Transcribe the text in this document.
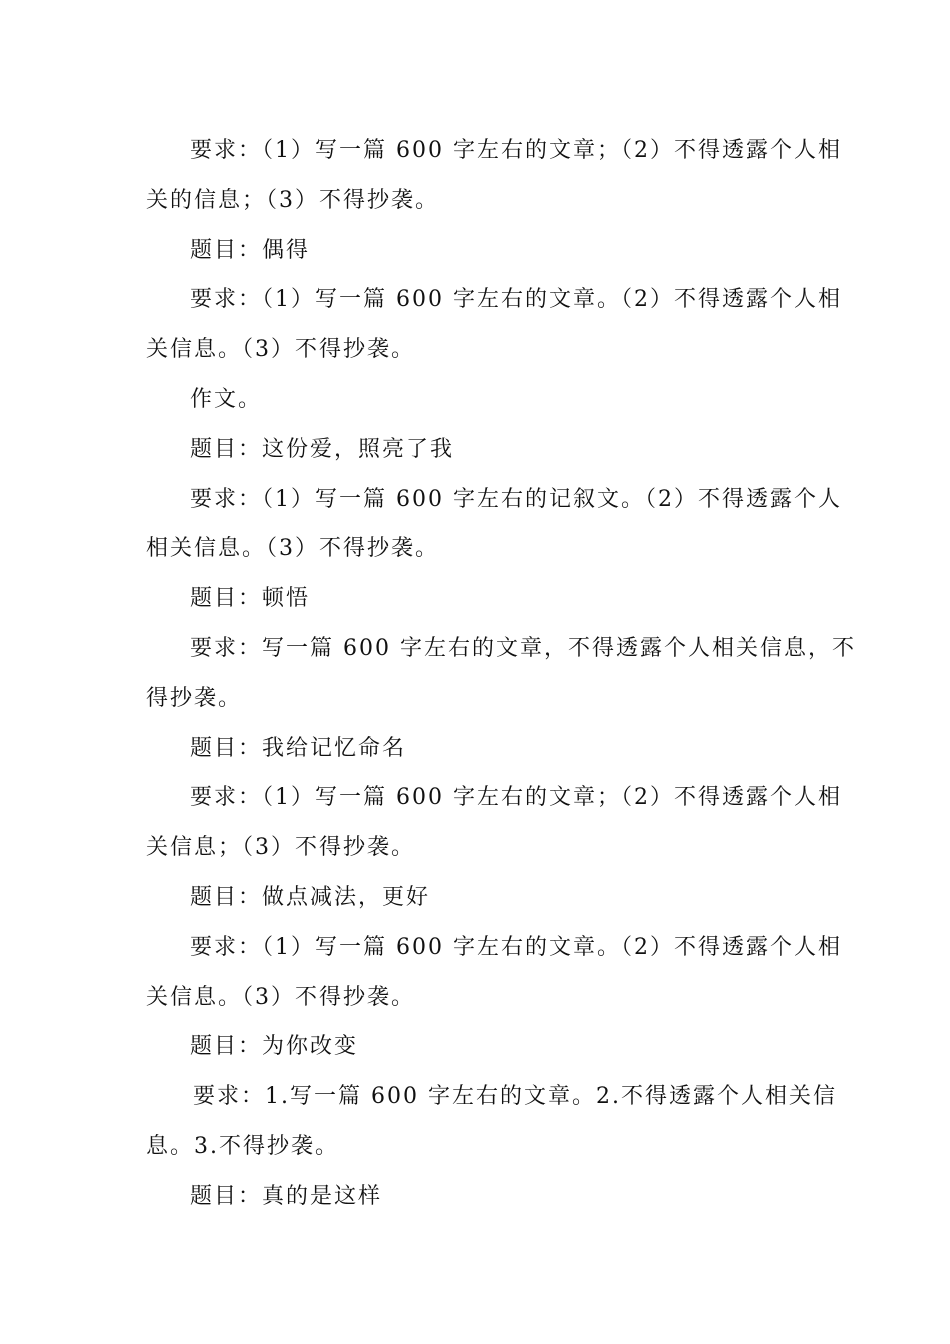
要求：（1）写一篇 600 字左右的文章；（2）不得透露个人相
关的信息；（3）不得抄袭。
题目：偶得
要求：（1）写一篇 600 字左右的文章。（2）不得透露个人相
关信息。（3）不得抄袭。
作文。
题目：这份爱，照亮了我
要求：（1）写一篇 600 字左右的记叙文。（2）不得透露个人
相关信息。（3）不得抄袭。
题目：顿悟
要求：写一篇 600 字左右的文章，不得透露个人相关信息，不
得抄袭。
题目：我给记忆命名
要求：（1）写一篇 600 字左右的文章；（2）不得透露个人相
关信息；（3）不得抄袭。
题目：做点减法，更好
要求：（1）写一篇 600 字左右的文章。（2）不得透露个人相
关信息。（3）不得抄袭。
题目：为你改变
要求：1.写一篇 600 字左右的文章。2.不得透露个人相关信
息。3.不得抄袭。
题目：真的是这样
